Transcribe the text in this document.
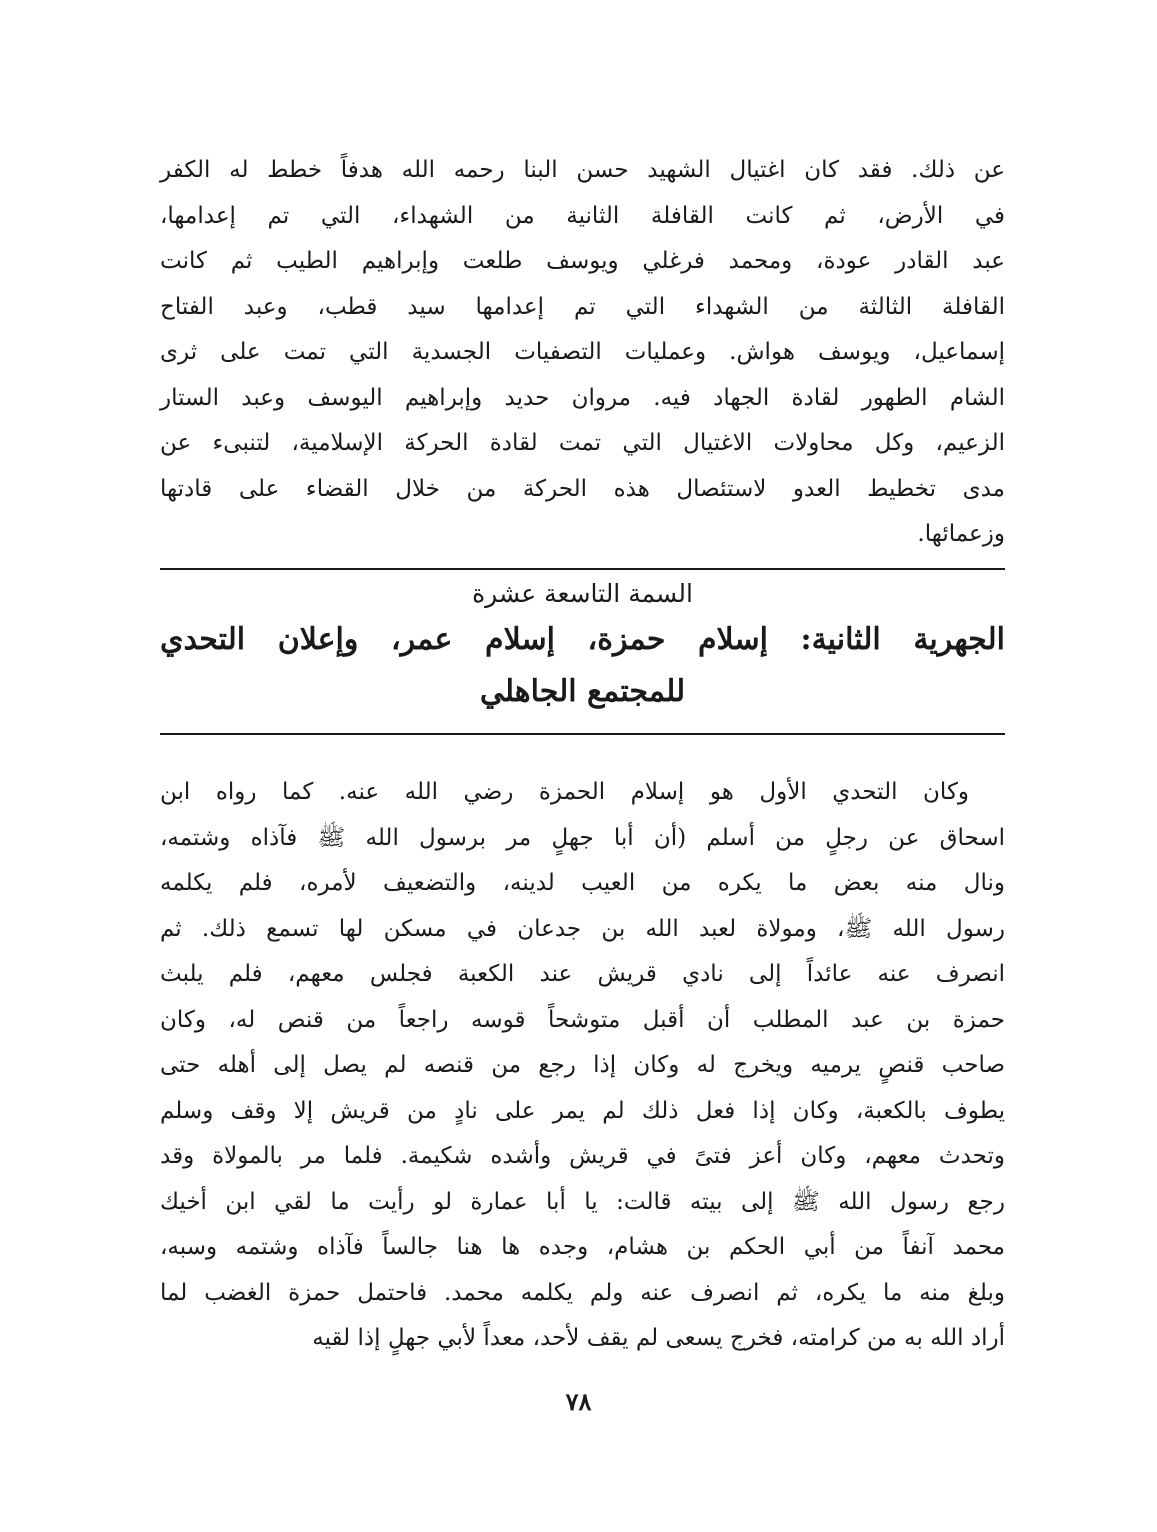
عن ذلك. فقد كان اغتيال الشهيد حسن البنا رحمه الله هدفاً خطط له الكفر
في الأرض، ثم كانت القافلة الثانية من الشهداء، التي تم إعدامها،
عبد القادر عودة، ومحمد فرغلي ويوسف طلعت وإبراهيم الطيب ثم كانت
القافلة الثالثة من الشهداء التي تم إعدامها سيد قطب، وعبد الفتاح
إسماعيل، ويوسف هواش. وعمليات التصفيات الجسدية التي تمت على ثرى
الشام الطهور لقادة الجهاد فيه. مروان حديد وإبراهيم اليوسف وعبد الستار
الزعيم، وكل محاولات الاغتيال التي تمت لقادة الحركة الإسلامية، لتنبىء عن
مدى تخطيط العدو لاستئصال هذه الحركة من خلال القضاء على قادتها
وزعمائها.

السمة التاسعة عشرة
الجهرية الثانية: إسلام حمزة، إسلام عمر، وإعلان التحدي
للمجتمع الجاهلي

وكان التحدي الأول هو إسلام الحمزة رضي الله عنه. كما رواه ابن
اسحاق عن رجلٍ من أسلم (أن أبا جهلٍ مر برسول الله ﷺ فآذاه وشتمه،
ونال منه بعض ما يكره من العيب لدينه، والتضعيف لأمره، فلم يكلمه
رسول الله ﷺ، ومولاة لعبد الله بن جدعان في مسكن لها تسمع ذلك. ثم
انصرف عنه عائداً إلى نادي قريش عند الكعبة فجلس معهم، فلم يلبث
حمزة بن عبد المطلب أن أقبل متوشحاً قوسه راجعاً من قنص له، وكان
صاحب قنصٍ يرميه ويخرج له وكان إذا رجع من قنصه لم يصل إلى أهله حتى
يطوف بالكعبة، وكان إذا فعل ذلك لم يمر على نادٍ من قريش إلا وقف وسلم
وتحدث معهم، وكان أعز فتىً في قريش وأشده شكيمة. فلما مر بالمولاة وقد
رجع رسول الله ﷺ إلى بيته قالت: يا أبا عمارة لو رأيت ما لقي ابن أخيك
محمد آنفاً من أبي الحكم بن هشام، وجده ها هنا جالساً فآذاه وشتمه وسبه،
وبلغ منه ما يكره، ثم انصرف عنه ولم يكلمه محمد. فاحتمل حمزة الغضب لما
أراد الله به من كرامته، فخرج يسعى لم يقف لأحد، معداً لأبي جهلٍ إذا لقيه

٧٨
